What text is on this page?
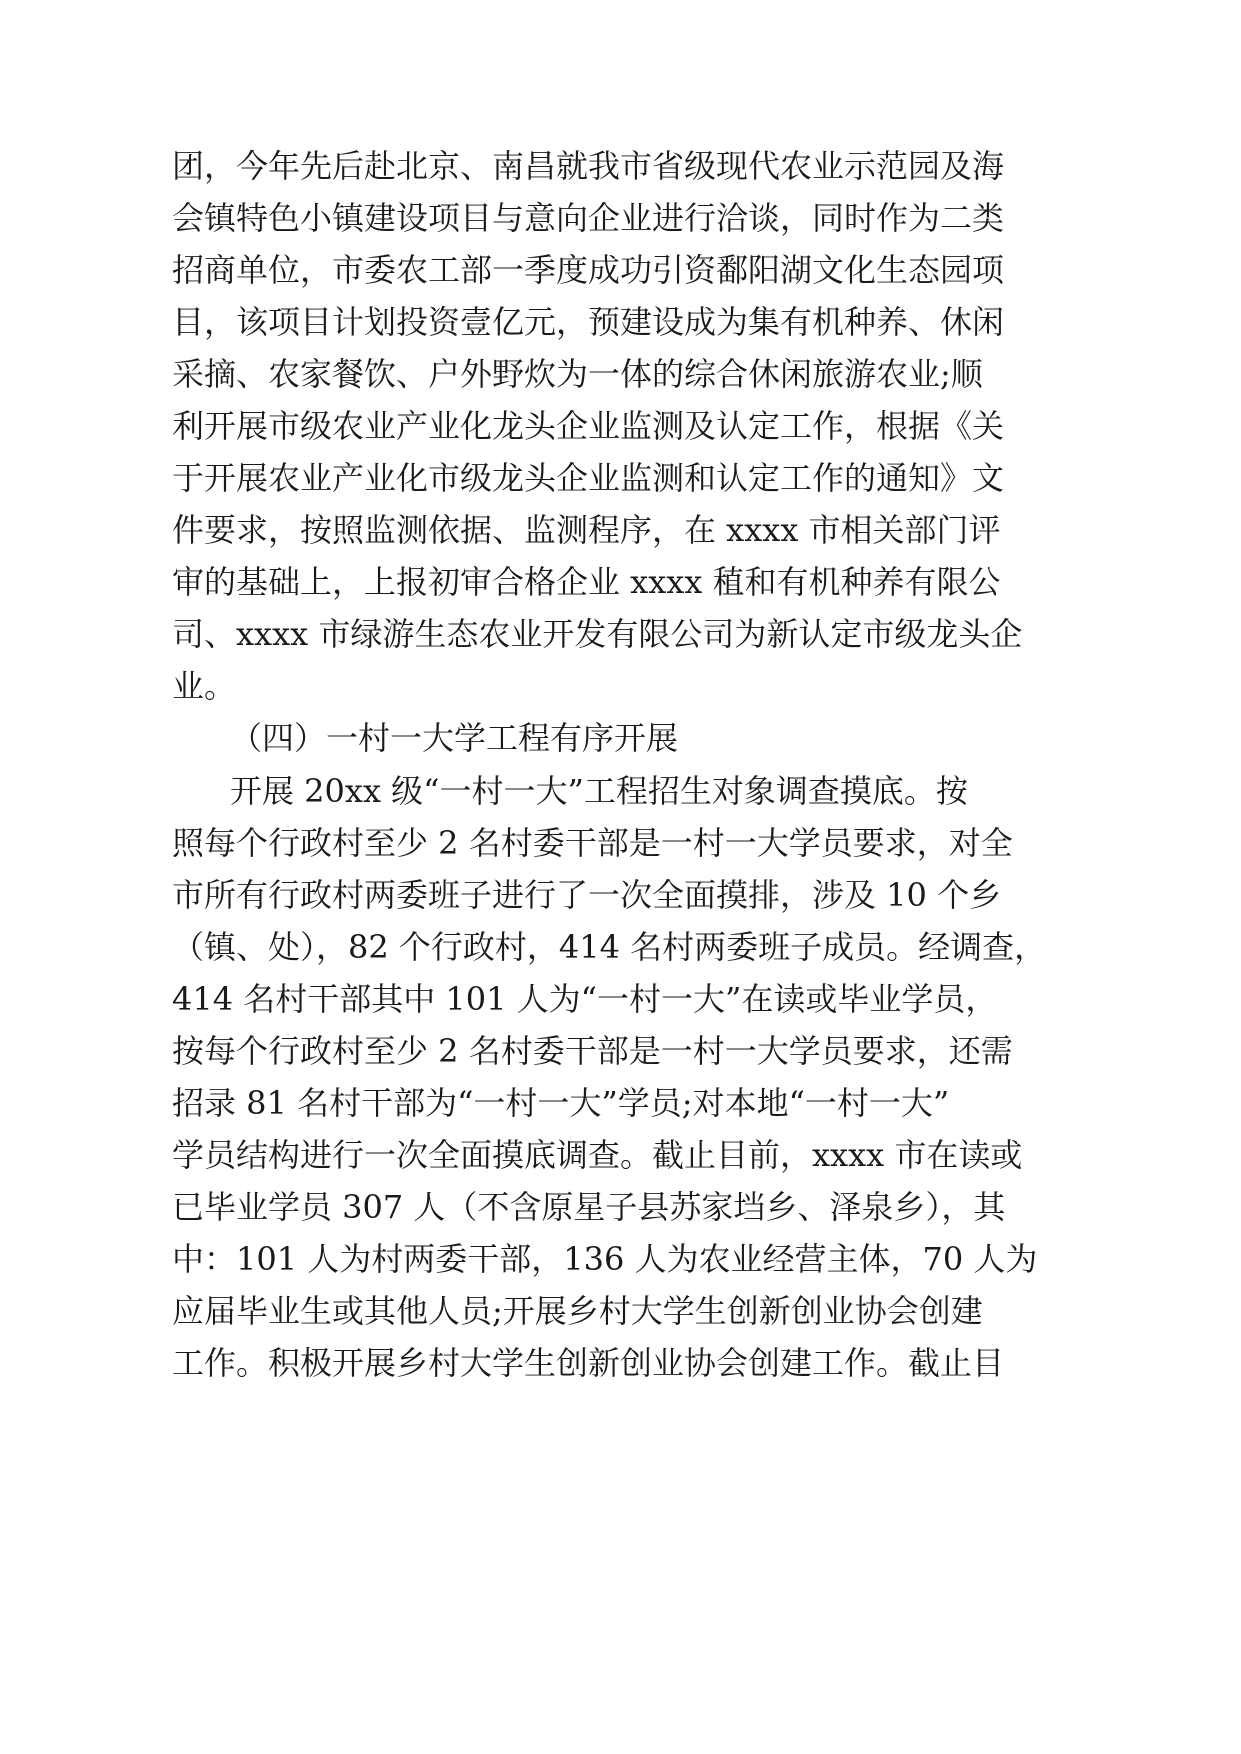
团，今年先后赴北京、南昌就我市省级现代农业示范园及海
会镇特色小镇建设项目与意向企业进行洽谈，同时作为二类
招商单位，市委农工部一季度成功引资鄱阳湖文化生态园项
目，该项目计划投资壹亿元，预建设成为集有机种养、休闲
采摘、农家餐饮、户外野炊为一体的综合休闲旅游农业;顺
利开展市级农业产业化龙头企业监测及认定工作，根据《关
于开展农业产业化市级龙头企业监测和认定工作的通知》文
件要求，按照监测依据、监测程序，在 xxxx 市相关部门评
审的基础上，上报初审合格企业 xxxx 稙和有机种养有限公
司、xxxx 市绿游生态农业开发有限公司为新认定市级龙头企
业。
（四）一村一大学工程有序开展
开展 20xx 级“一村一大”工程招生对象调查摸底。按
照每个行政村至少 2 名村委干部是一村一大学员要求，对全
市所有行政村两委班子进行了一次全面摸排，涉及 10 个乡
（镇、处），82 个行政村，414 名村两委班子成员。经调查，
414 名村干部其中 101 人为“一村一大”在读或毕业学员，
按每个行政村至少 2 名村委干部是一村一大学员要求，还需
招录 81 名村干部为“一村一大”学员;对本地“一村一大”
学员结构进行一次全面摸底调查。截止目前，xxxx 市在读或
已毕业学员 307 人（不含原星子县苏家垱乡、泽泉乡），其
中：101 人为村两委干部，136 人为农业经营主体，70 人为
应届毕业生或其他人员;开展乡村大学生创新创业协会创建
工作。积极开展乡村大学生创新创业协会创建工作。截止目
